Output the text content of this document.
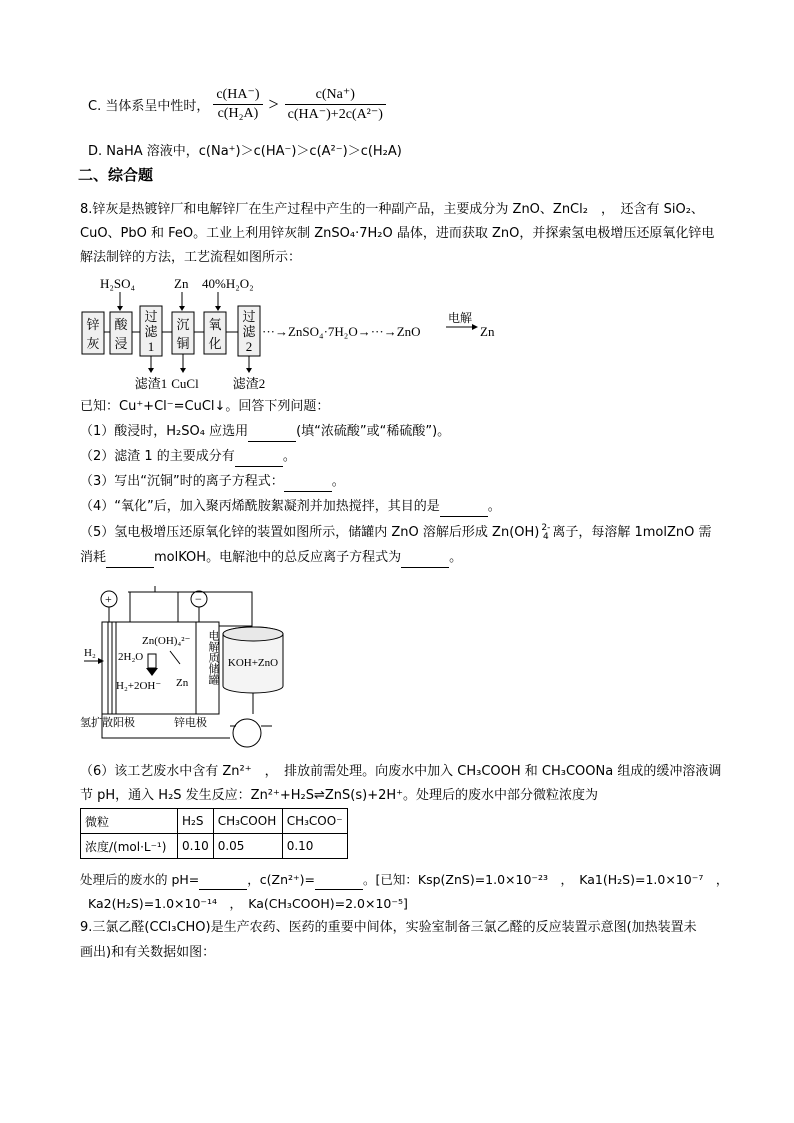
C. 当体系呈中性时， $\frac{c(HA^-)}{\text{c(H₂A)}} > \frac{c(Na^+)}{\text{c(HA⁻)+2c(A²⁻)}}$
D. NaHA 溶液中，c(Na⁺)＞c(HA⁻)＞c(A²⁻)＞c(H₂A)
二、综合题
8.锌灰是热镀锌厂和电解锌厂在生产过程中产生的一种副产品，主要成分为 ZnO、ZnCl₂　，　还含有 SiO₂、
CuO、PbO 和 FeO。工业上利用锌灰制 ZnSO₄·7H₂O 晶体，进而获取 ZnO，并探索氢电极增压还原氧化锌电
解法制锌的方法，工艺流程如图所示：
H₂SO₄	Zn 40%H₂O₂
锌
灰
酸
浸
过
滤
1
沉
铜
氧
化
过
滤
2
滤渣1 CuCl	滤渣2
电解
···→ZnSO₄·7H₂O→···→ZnO	Zn
已知：Cu⁺+Cl⁻=CuCl↓。回答下列问题：
（1）酸浸时，H₂SO₄ 应选用	(填“浓硫酸”或“稀硫酸”)。
（2）滤渣 1 的主要成分有	。
（3）写出“沉铜”时的离子方程式：	。
（4）“氧化”后，加入聚丙烯酰胺絮凝剂并加热搅拌，其目的是	。
（5）氢电极增压还原氧化锌的装置如图所示，储罐内 ZnO 溶解后形成 Zn(OH) 2-
4 离子，每溶解 1molZnO 需
消耗	molKOH。电解池中的总反应离子方程式为	。
+	−
H₂
Zn(OH)₄²⁻
2H₂O
H₂+2OH⁻ Zn
KOH+ZnO
氢扩散阳极	锌电极
电解质储罐
（6）该工艺废水中含有 Zn²⁺　，　排放前需处理。向废水中加入 CH₃COOH 和 CH₃COONa 组成的缓冲溶液调
节 pH，通入 H₂S 发生反应：Zn²⁺+H₂S⇌ZnS(s)+2H⁺。处理后的废水中部分微粒浓度为
微粒	H₂S	CH₃COOH	CH₃COO⁻
浓度/(mol·L⁻¹)	0.10	0.05	0.10
处理后的废水的 pH=	，c(Zn²⁺)=	。[已知：Ksp(ZnS)=1.0×10⁻²³　，　Ka1(H₂S)=1.0×10⁻⁷　，
Ka2(H₂S)=1.0×10⁻¹⁴　，　Ka(CH₃COOH)=2.0×10⁻⁵]
9.三氯乙醛(CCl₃CHO)是生产农药、医药的重要中间体，实验室制备三氯乙醛的反应装置示意图(加热装置未
画出)和有关数据如图：
